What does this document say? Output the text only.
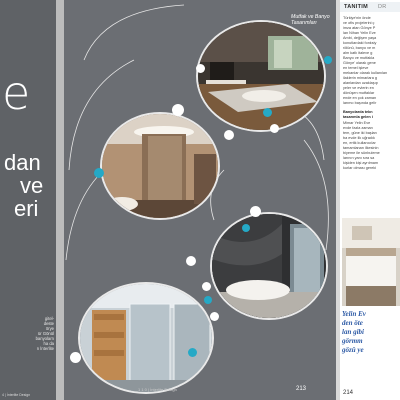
e
dan
ve
eri
gitel-
deste
örye
ür Gönül
banyolarn
ha da
n İnterlite
4 | İnterlite Design
Mutfak ve Banyo Tasarımları
1 1 0 | İnterlite Design	213
TANITIM DR
Türkiye'nin önde
ve ofis projelerini ç
imza atan Gönye P
lan Nihan Yelin Eve
Ambi, değişen yaşa
konutlardaki fonksiy
rölünü, banyo ve m
alm katlı italeve g
Banyo ve mutfakla
Gönye' olarak gene
en temel işleve
mekanlar olarak kullanılan
ilaklerin mimarlara g
alanlardan uzaklaşıp
yeler ve evlerin en
dönüşen mutfaklar
ende en çok zaman
larımo başında gelir
Banyolarda tekn
tasarımla gelen i
Mimar Yelin Eve
evde fazla zaman
tem, güne iki başlan
ba evde ilk uğradık
en, ertik kullanıcılar
tamamlanan ilkesinin
biyeme ile sünbuleme
larının yanı sıra sa
kişiden kişi ayrılmam
kurlar olması gereki
Yelin Ev
den öte
lan gibi
görmm
gözü ye
214
